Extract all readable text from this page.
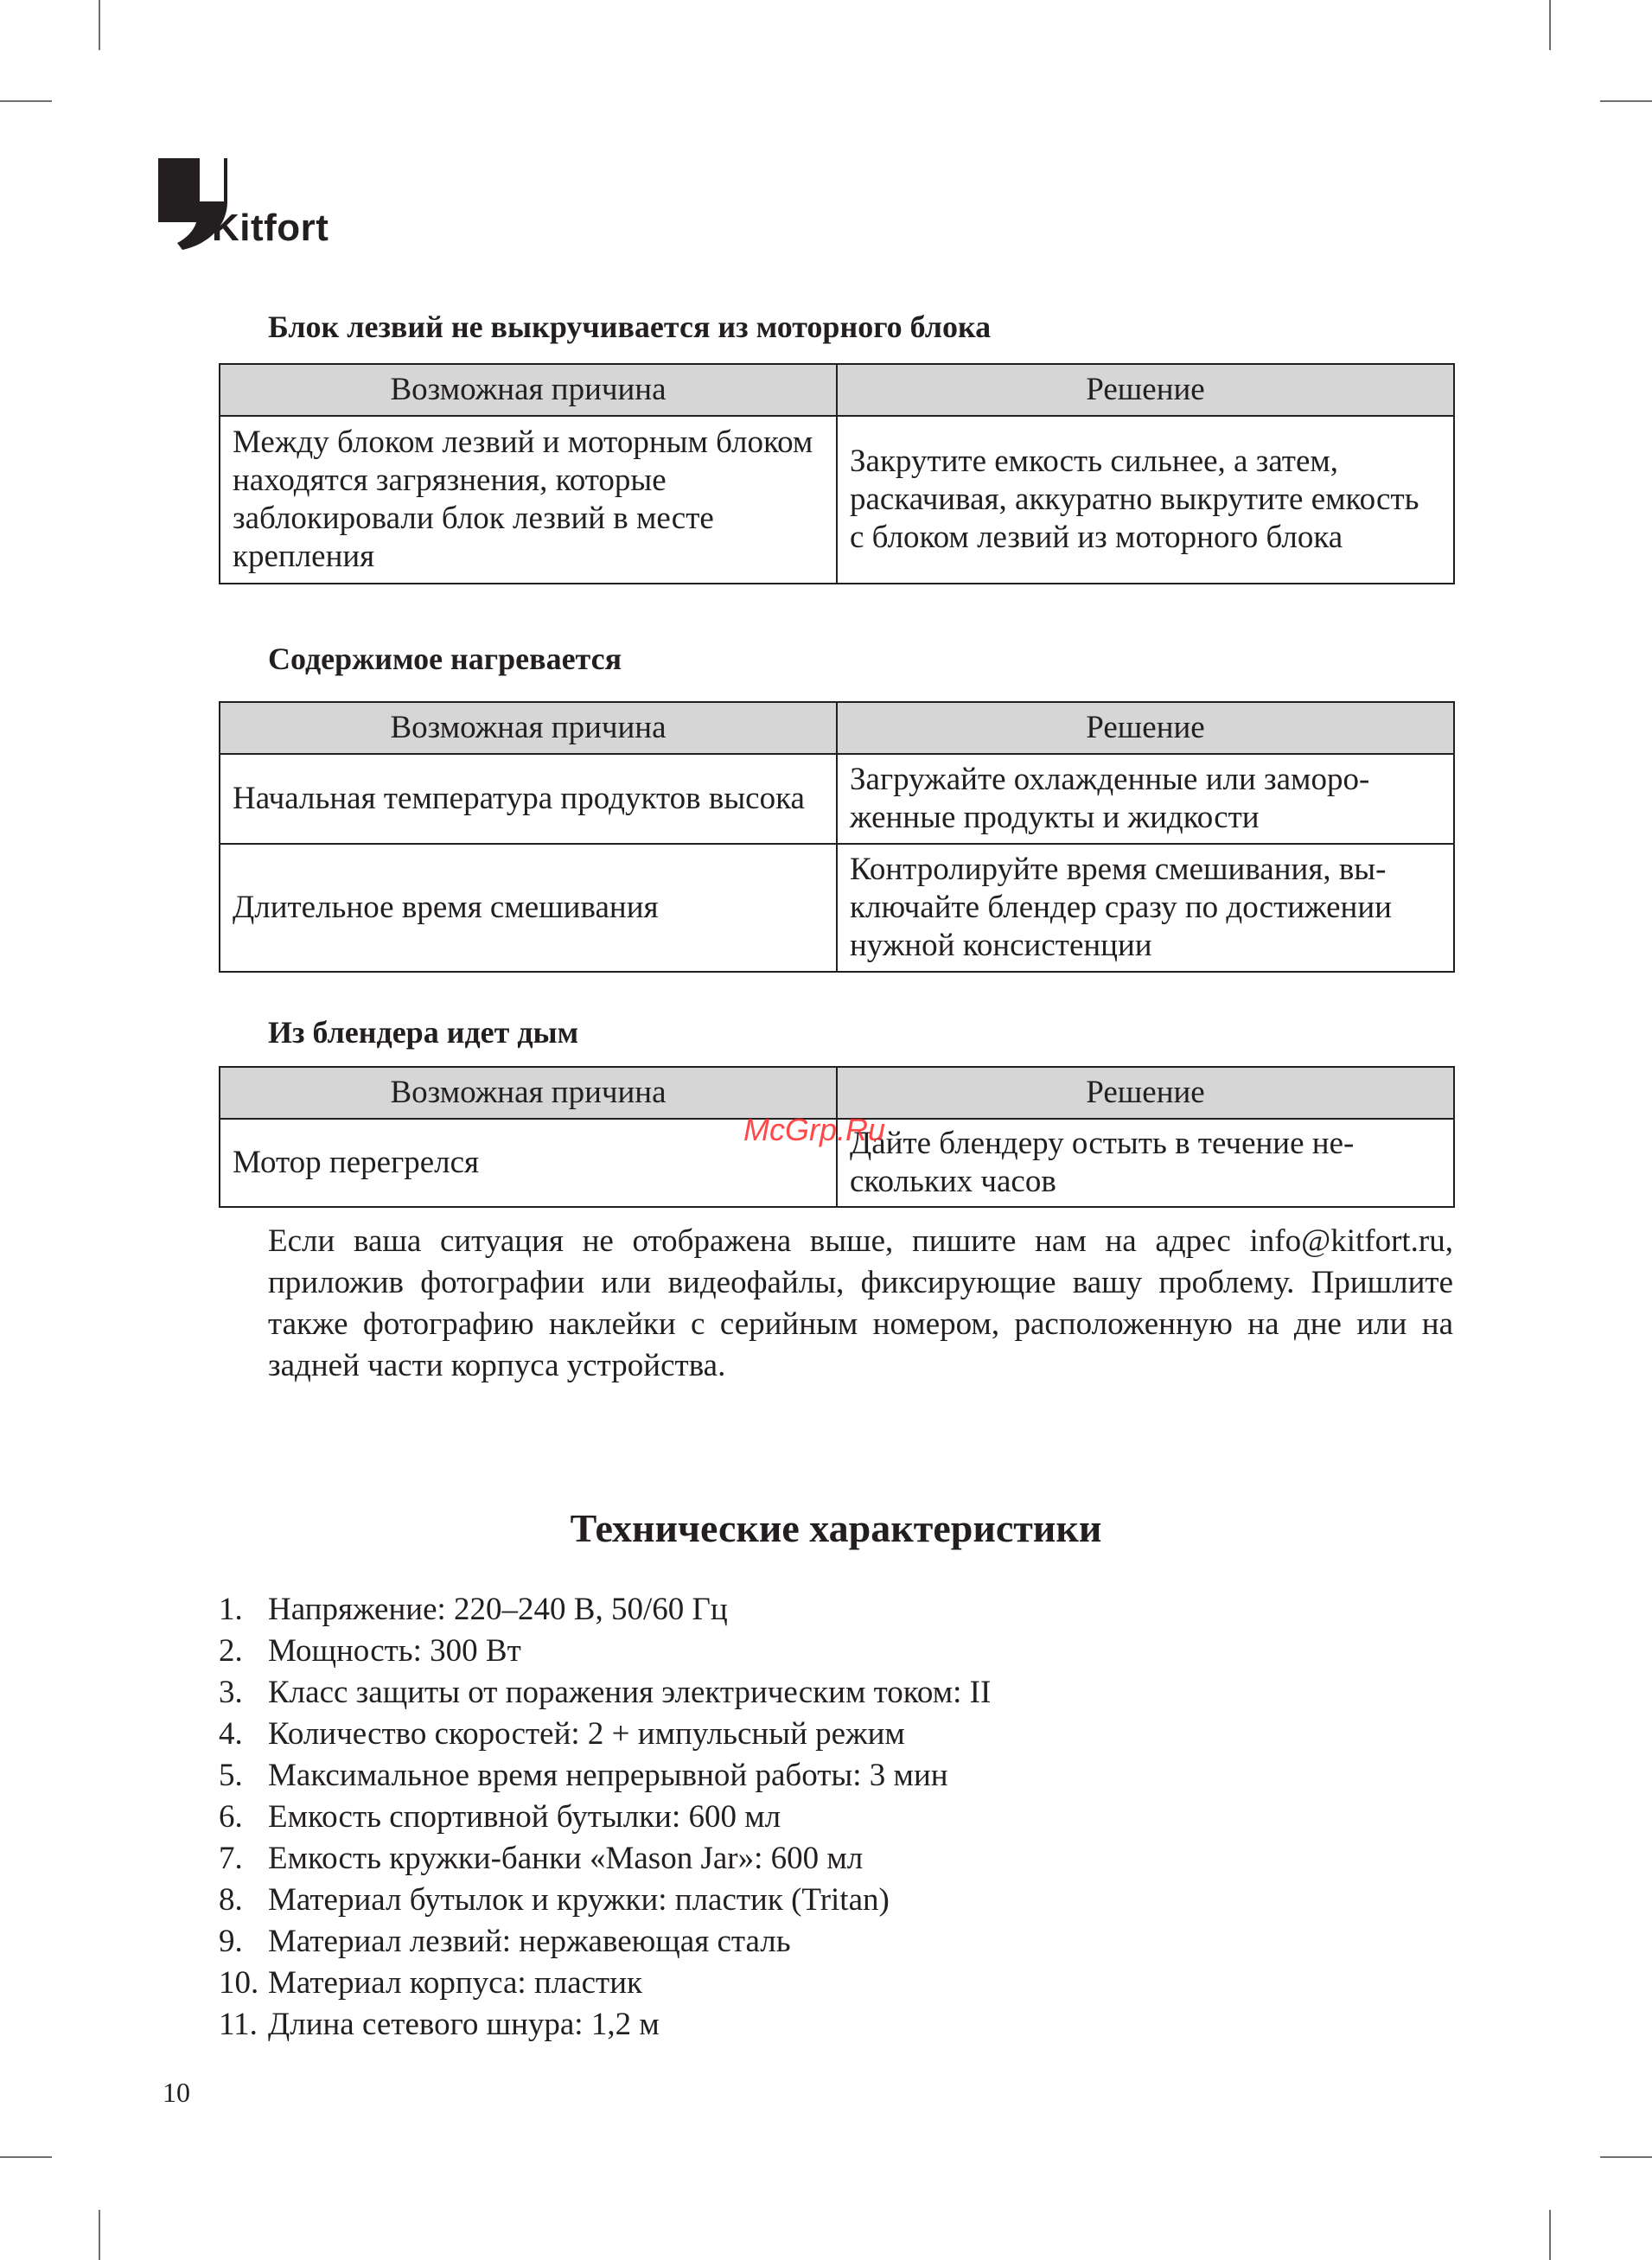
Kitfort
Блок лезвий не выкручивается из моторного блока
Возможная причина	Решение
Между блоком лезвий и моторным блоком находятся загрязнения, которые заблокировали блок лезвий в месте крепления	Закрутите емкость сильнее, а затем, раскачивая, аккуратно выкрутите емкость с блоком лезвий из моторного блока
Содержимое нагревается
Возможная причина	Решение
Начальная температура продуктов высока	Загружайте охлажденные или заморо-женные продукты и жидкости
Длительное время смешивания	Контролируйте время смешивания, вы-ключайте блендер сразу по достижении нужной консистенции
Из блендера идет дым
Возможная причина	Решение
Мотор перегрелся	Дайте блендеру остыть в течение не-скольких часов
McGrp.Ru

Если ваша ситуация не отображена выше, пишите нам на адрес info@kitfort.ru, приложив фотографии или видеофайлы, фиксирующие вашу проблему. Пришлите также фотографию наклейки с серийным номером, расположенную на дне или на задней части корпуса устройства.

Технические характеристики
1. Напряжение: 220–240 В, 50/60 Гц
2. Мощность: 300 Вт
3. Класс защиты от поражения электрическим током: II
4. Количество скоростей: 2 + импульсный режим
5. Максимальное время непрерывной работы: 3 мин
6. Емкость спортивной бутылки: 600 мл
7. Емкость кружки-банки «Mason Jar»: 600 мл
8. Материал бутылок и кружки: пластик (Tritan)
9. Материал лезвий: нержавеющая сталь
10. Материал корпуса: пластик
11. Длина сетевого шнура: 1,2 м
10
